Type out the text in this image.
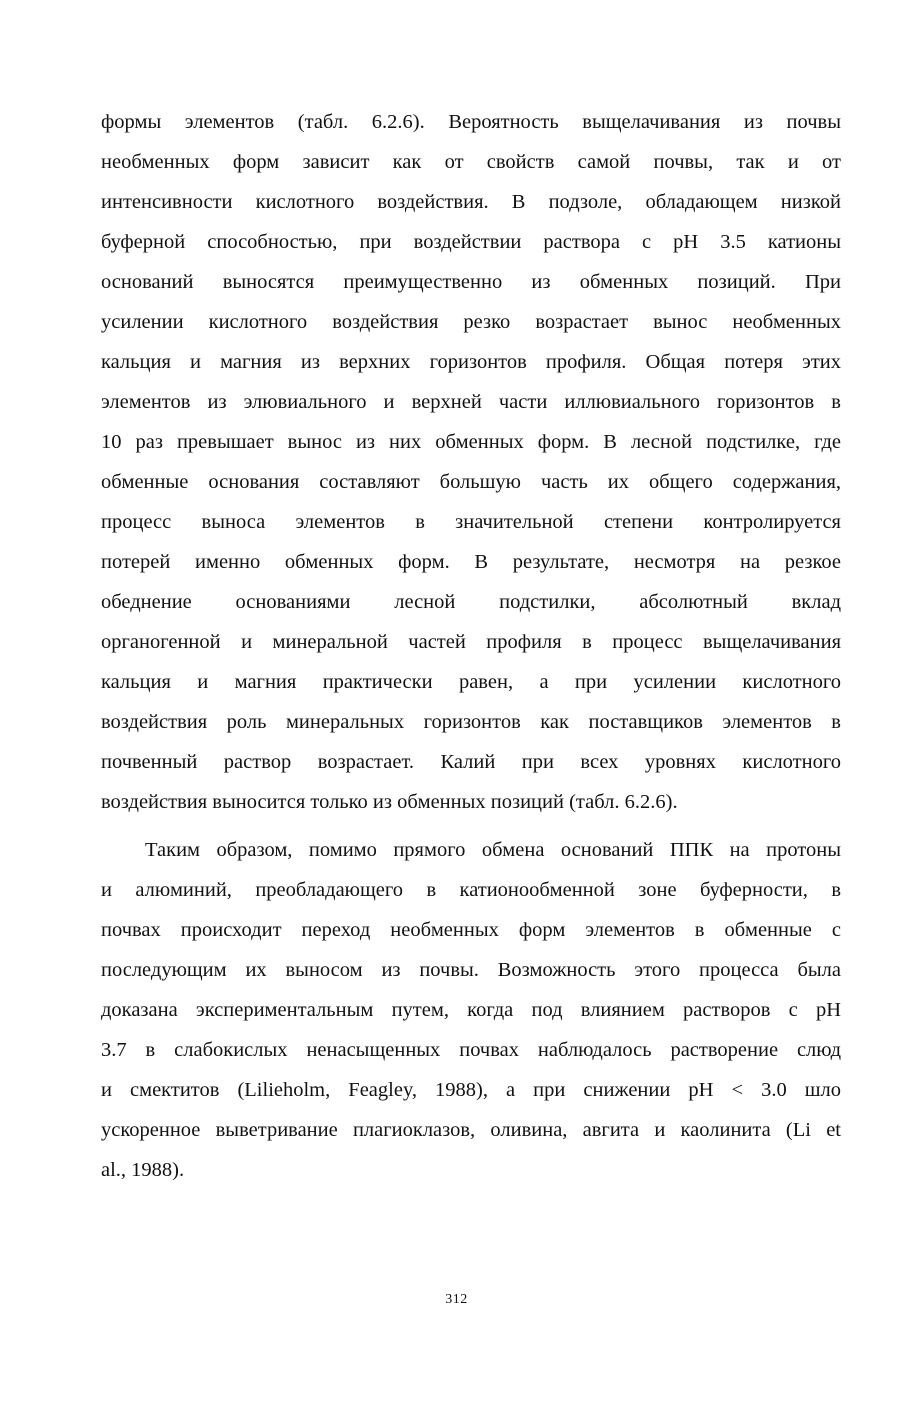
формы элементов (табл. 6.2.6). Вероятность выщелачивания из почвы
необменных форм зависит как от свойств самой почвы, так и от
интенсивности кислотного воздействия. В подзоле, обладающем низкой
буферной способностью, при воздействии раствора с рН 3.5 катионы
оснований выносятся преимущественно из обменных позиций. При
усилении кислотного воздействия резко возрастает вынос необменных
кальция и магния из верхних горизонтов профиля. Общая потеря этих
элементов из элювиального и верхней части иллювиального горизонтов в
10 раз превышает вынос из них обменных форм. В лесной подстилке, где
обменные основания составляют большую часть их общего содержания,
процесс выноса элементов в значительной степени контролируется
потерей именно обменных форм. В результате, несмотря на резкое
обеднение основаниями лесной подстилки, абсолютный вклад
органогенной и минеральной частей профиля в процесс выщелачивания
кальция и магния практически равен, а при усилении кислотного
воздействия роль минеральных горизонтов как поставщиков элементов в
почвенный раствор возрастает. Калий при всех уровнях кислотного
воздействия выносится только из обменных позиций (табл. 6.2.6).
Таким образом, помимо прямого обмена оснований ППК на протоны
и алюминий, преобладающего в катионообменной зоне буферности, в
почвах происходит переход необменных форм элементов в обменные с
последующим их выносом из почвы. Возможность этого процесса была
доказана экспериментальным путем, когда под влиянием растворов с рН
3.7 в слабокислых ненасыщенных почвах наблюдалось растворение слюд
и смектитов (Lilieholm, Feagley, 1988), а при снижении рН < 3.0 шло
ускоренное выветривание плагиоклазов, оливина, авгита и каолинита (Li et
al., 1988).
312
